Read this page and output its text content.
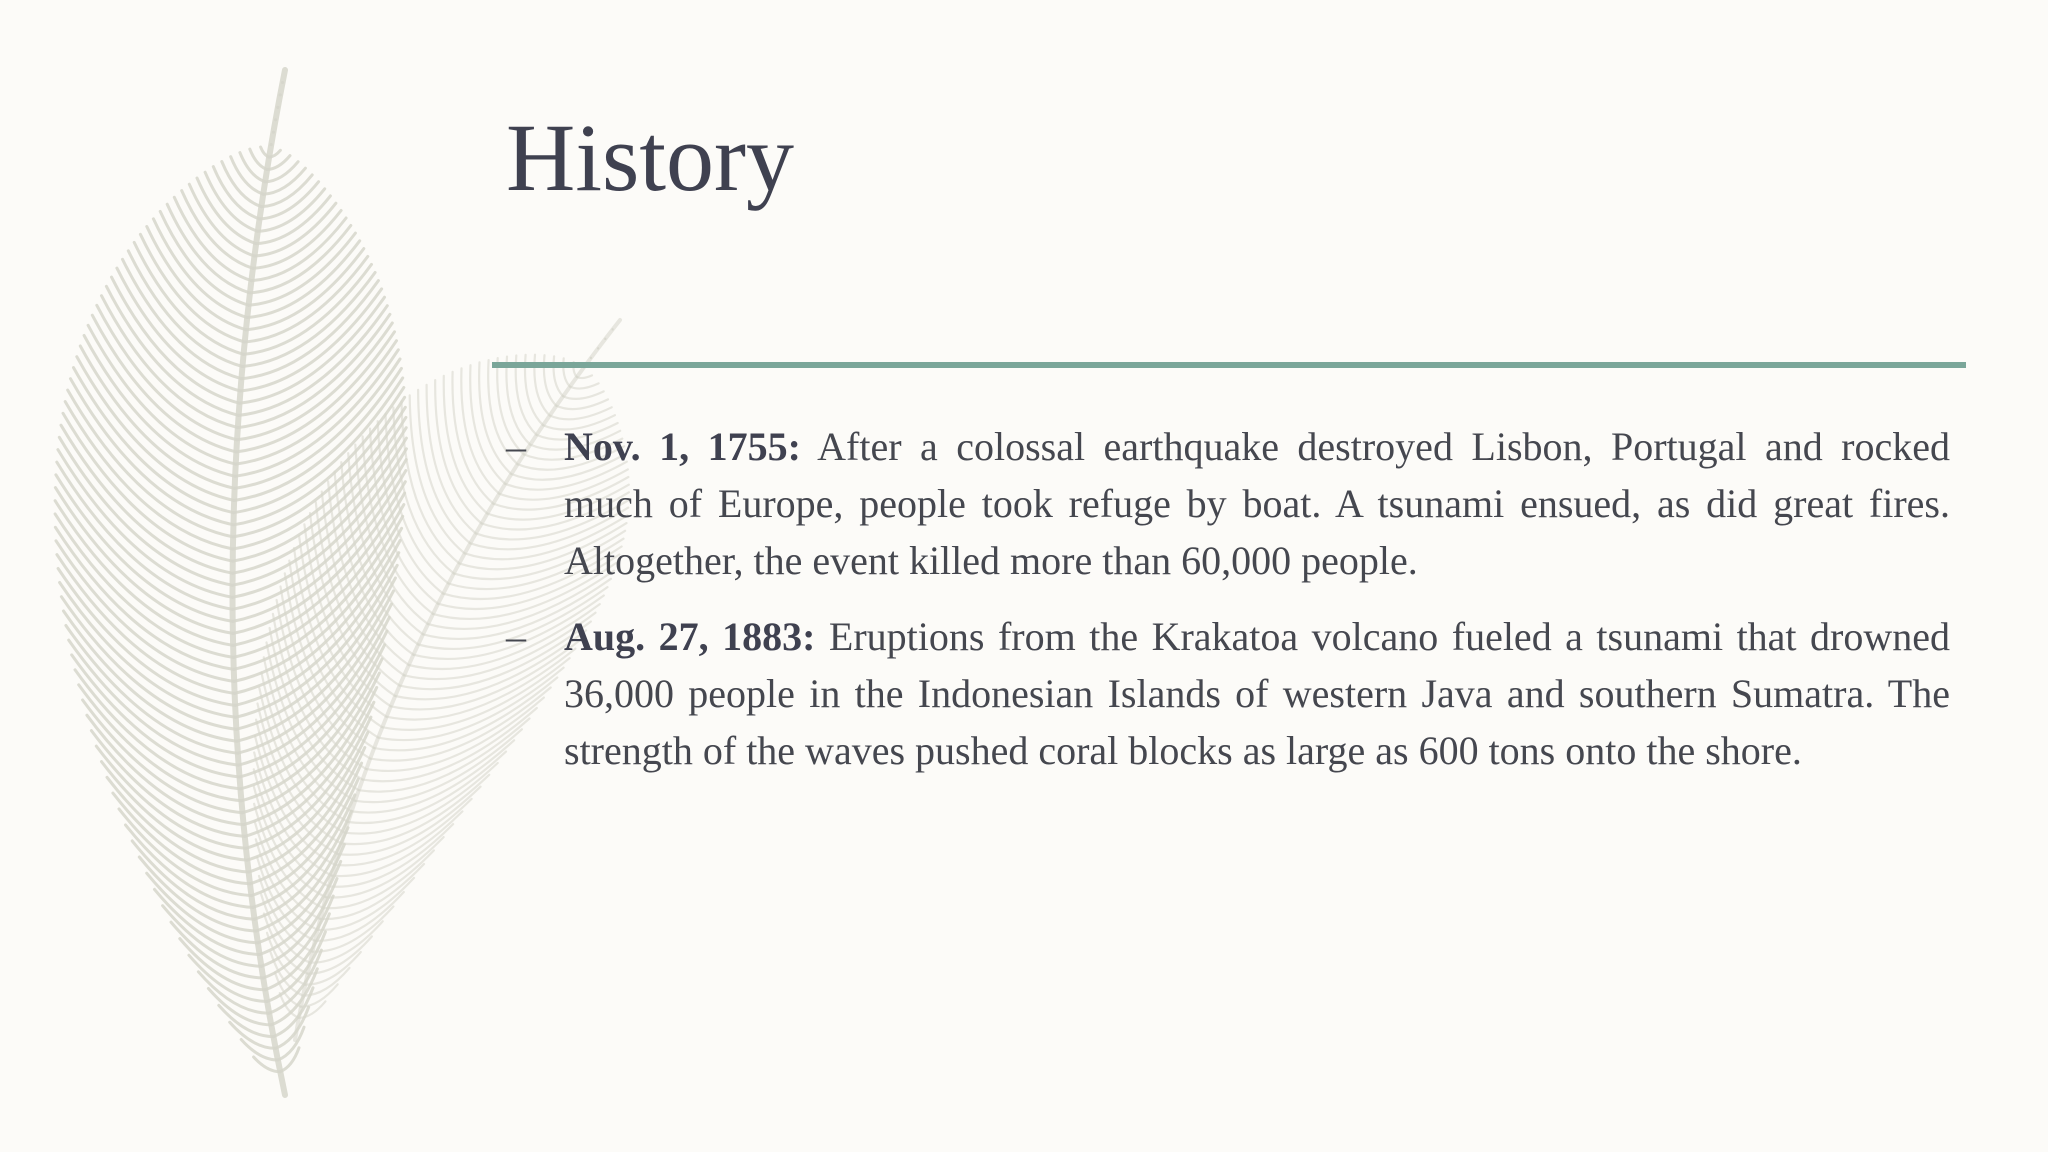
History
– Nov. 1, 1755: After a colossal earthquake destroyed Lisbon, Portugal and rocked much of Europe, people took refuge by boat. A tsunami ensued, as did great fires. Altogether, the event killed more than 60,000 people.
– Aug. 27, 1883: Eruptions from the Krakatoa volcano fueled a tsunami that drowned 36,000 people in the Indonesian Islands of western Java and southern Sumatra. The strength of the waves pushed coral blocks as large as 600 tons onto the shore.
